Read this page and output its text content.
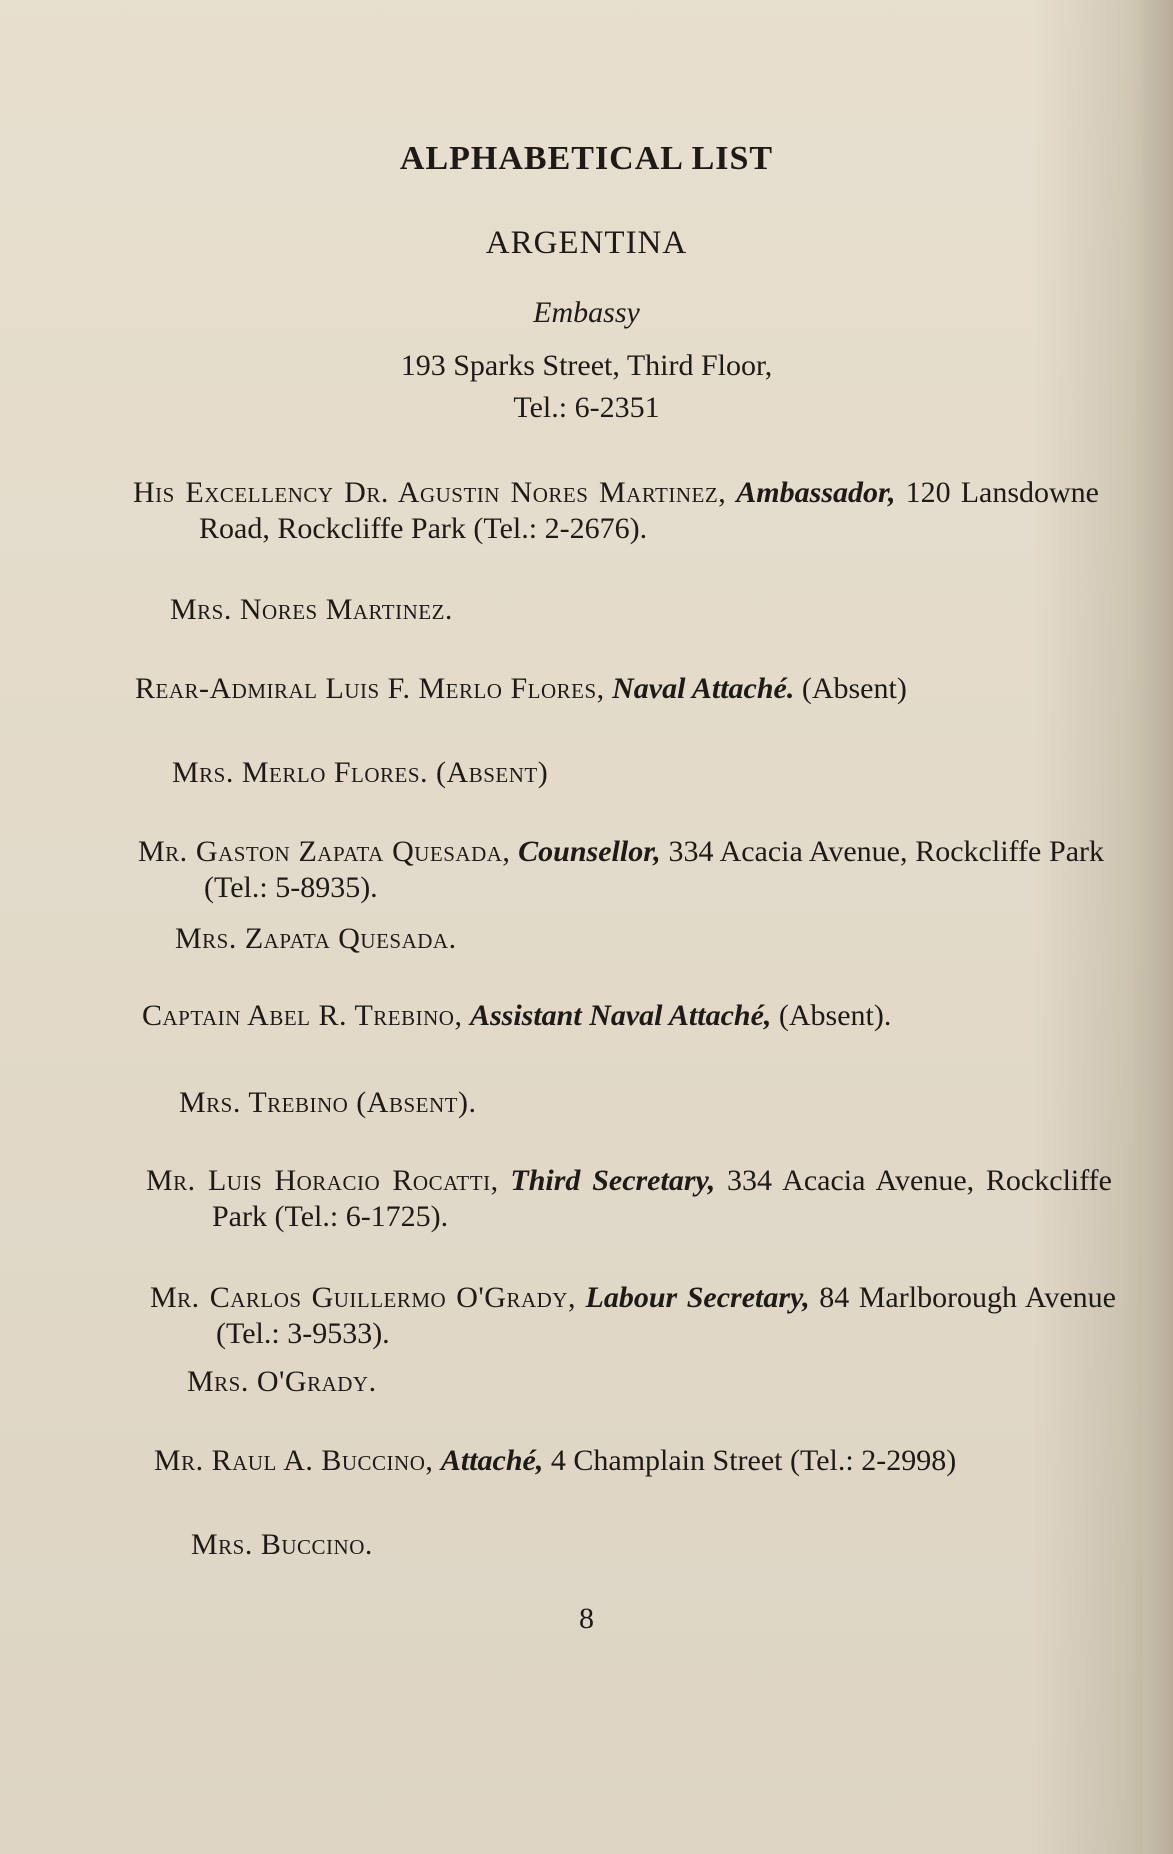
ALPHABETICAL LIST
ARGENTINA
Embassy
193 Sparks Street, Third Floor,
Tel.: 6-2351
His Excellency Dr. Agustin Nores Martinez, Ambassador, 120 Lansdowne Road, Rockcliffe Park (Tel.: 2-2676).
Mrs. Nores Martinez.
Rear-Admiral Luis F. Merlo Flores, Naval Attaché. (Absent)
Mrs. Merlo Flores. (Absent)
Mr. Gaston Zapata Quesada, Counsellor, 334 Acacia Avenue, Rockcliffe Park (Tel.: 5-8935).
Mrs. Zapata Quesada.
Captain Abel R. Trebino, Assistant Naval Attaché, (Absent).
Mrs. Trebino (Absent).
Mr. Luis Horacio Rocatti, Third Secretary, 334 Acacia Avenue, Rockcliffe Park (Tel.: 6-1725).
Mr. Carlos Guillermo O'Grady, Labour Secretary, 84 Marlborough Avenue (Tel.: 3-9533).
Mrs. O'Grady.
Mr. Raul A. Buccino, Attaché, 4 Champlain Street (Tel.: 2-2998)
Mrs. Buccino.
8
